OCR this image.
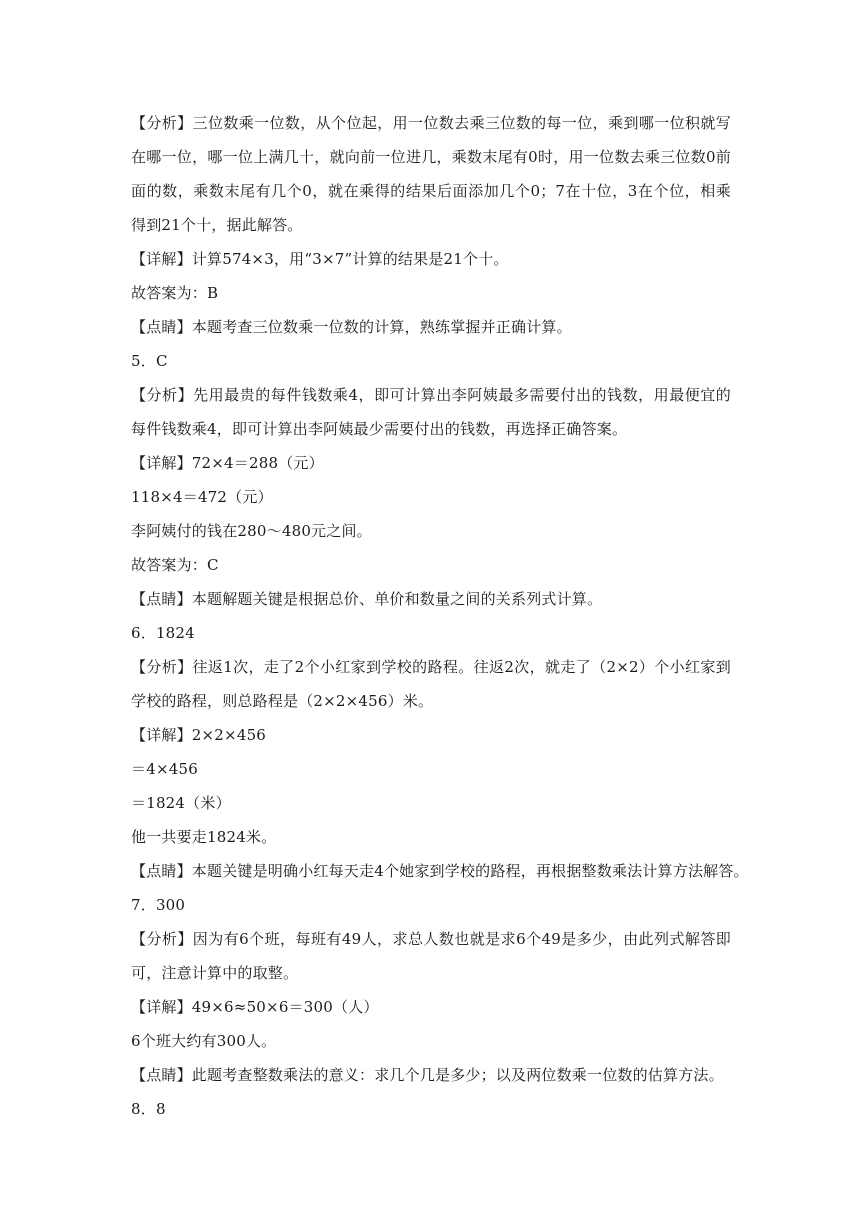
【分析】三位数乘一位数，从个位起，用一位数去乘三位数的每一位，乘到哪一位积就写在哪一位，哪一位上满几十，就向前一位进几，乘数末尾有0时，用一位数去乘三位数0前面的数，乘数末尾有几个0，就在乘得的结果后面添加几个0；7在十位，3在个位，相乘得到21个十，据此解答。
【详解】计算574×3，用“3×7”计算的结果是21个十。
故答案为：B
【点睛】本题考查三位数乘一位数的计算，熟练掌握并正确计算。
5．C
【分析】先用最贵的每件钱数乘4，即可计算出李阿姨最多需要付出的钱数，用最便宜的每件钱数乘4，即可计算出李阿姨最少需要付出的钱数，再选择正确答案。
【详解】72×4＝288（元）
118×4＝472（元）
李阿姨付的钱在280～480元之间。
故答案为：C
【点睛】本题解题关键是根据总价、单价和数量之间的关系列式计算。
6．1824
【分析】往返1次，走了2个小红家到学校的路程。往返2次，就走了（2×2）个小红家到学校的路程，则总路程是（2×2×456）米。
【详解】2×2×456
＝4×456
＝1824（米）
他一共要走1824米。
【点睛】本题关键是明确小红每天走4个她家到学校的路程，再根据整数乘法计算方法解答。
7．300
【分析】因为有6个班，每班有49人，求总人数也就是求6个49是多少，由此列式解答即可，注意计算中的取整。
【详解】49×6≈50×6＝300（人）
6个班大约有300人。
【点睛】此题考查整数乘法的意义：求几个几是多少；以及两位数乘一位数的估算方法。
8．8
